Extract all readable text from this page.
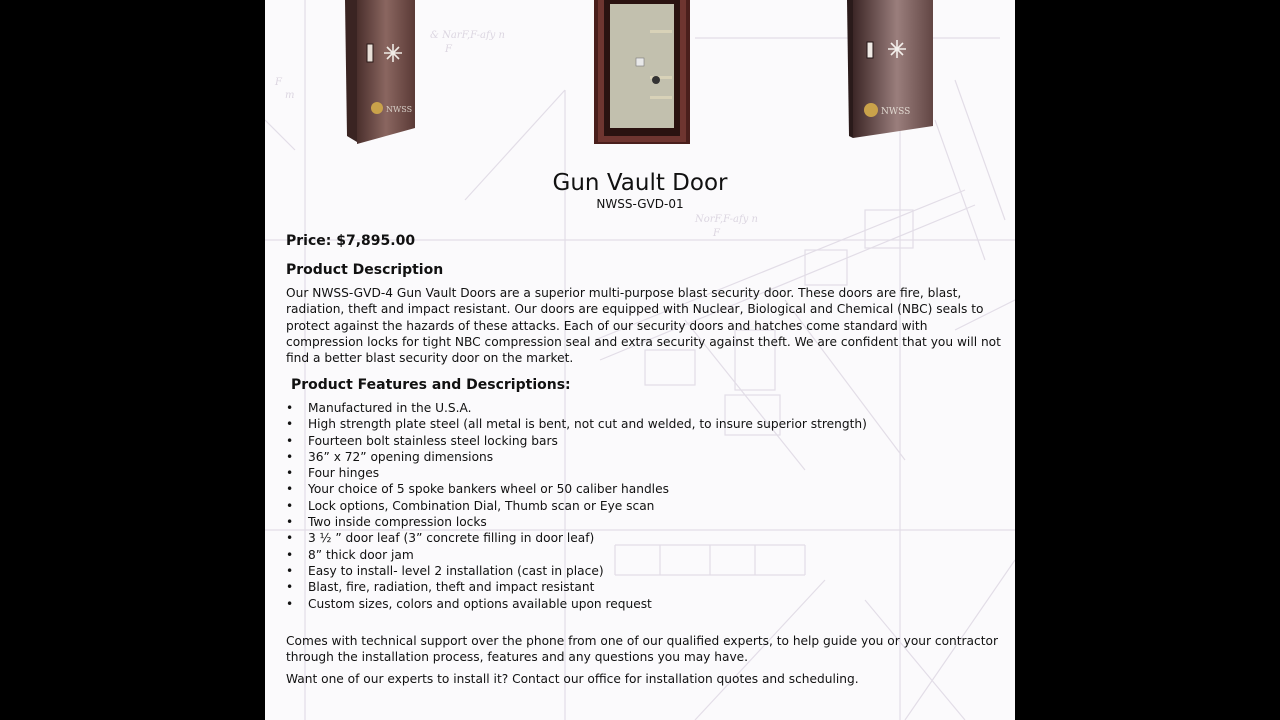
& NarF,F-afy n
F
NorF,F-afy n
F
F
m
NWSS	NWSS
Gun Vault Door
NWSS-GVD-01
Price: $7,895.00
Product Description

Our NWSS-GVD-4 Gun Vault Doors are a superior multi-purpose blast security door. These doors are fire, blast, radiation, theft and impact resistant. Our doors are equipped with Nuclear, Biological and Chemical (NBC) seals to protect against the hazards of these attacks. Each of our security doors and hatches come standard with compression locks for tight NBC compression seal and extra security against theft. We are confident that you will not find a better blast security door on the market.

Product Features and Descriptions:
• Manufactured in the U.S.A.
• High strength plate steel (all metal is bent, not cut and welded, to insure superior strength)
• Fourteen bolt stainless steel locking bars
• 36” x 72” opening dimensions
• Four hinges
• Your choice of 5 spoke bankers wheel or 50 caliber handles
• Lock options, Combination Dial, Thumb scan or Eye scan
• Two inside compression locks
• 3 ½ ” door leaf (3” concrete filling in door leaf)
• 8” thick door jam
• Easy to install- level 2 installation (cast in place)
• Blast, fire, radiation, theft and impact resistant
• Custom sizes, colors and options available upon request

Comes with technical support over the phone from one of our qualified experts, to help guide you or your contractor through the installation process, features and any questions you may have.

Want one of our experts to install it? Contact our office for installation quotes and scheduling.
